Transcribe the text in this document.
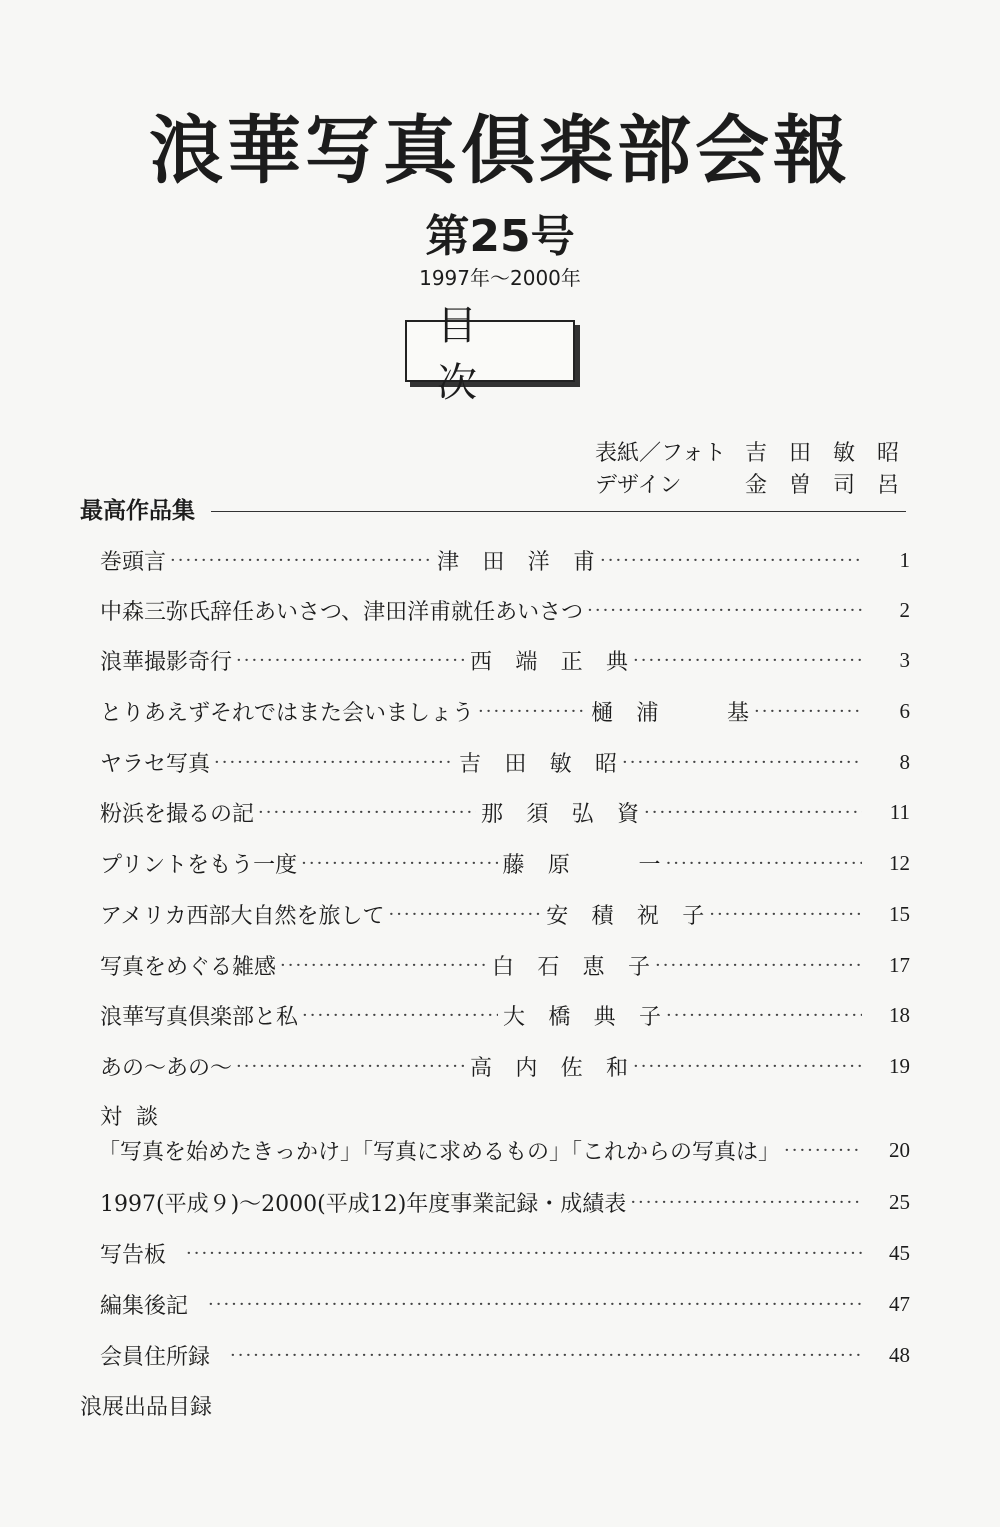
浪華写真倶楽部会報
第25号
1997年～2000年
目 次
表紙／フォト 吉田敏昭
デザイン	金曽司呂
最高作品集
巻頭言 ·····	津 田 洋 甫 ·····	1
中森三弥氏辞任あいさつ、津田洋甫就任あいさつ ·····	2
浪華撮影奇行 ·····	西 端 正 典 ·····	3
とりあえずそれではまた会いましょう ·····	樋 浦	基 ·····	6
ヤラセ写真 ·····	吉 田 敏 昭 ·····	8
粉浜を撮るの記 ·····	那 須 弘 資 ·····	11
プリントをもう一度 ·····	藤 原	一 ·····	12
アメリカ西部大自然を旅して ·····	安 積 祝 子 ·····	15
写真をめぐる雑感 ·····	白 石 恵 子 ·····	17
浪華写真倶楽部と私 ·····	大 橋 典 子 ·····	18
あの～あの～ ·····	高 内 佐 和 ·····	19
対談
「写真を始めたきっかけ」「写真に求めるもの」「これからの写真は」 ·····	20
1997(平成９)～2000(平成12)年度事業記録・成績表 ·····	25
写告板 ·····	45
編集後記 ·····	47
会員住所録 ·····	48
浪展出品目録
